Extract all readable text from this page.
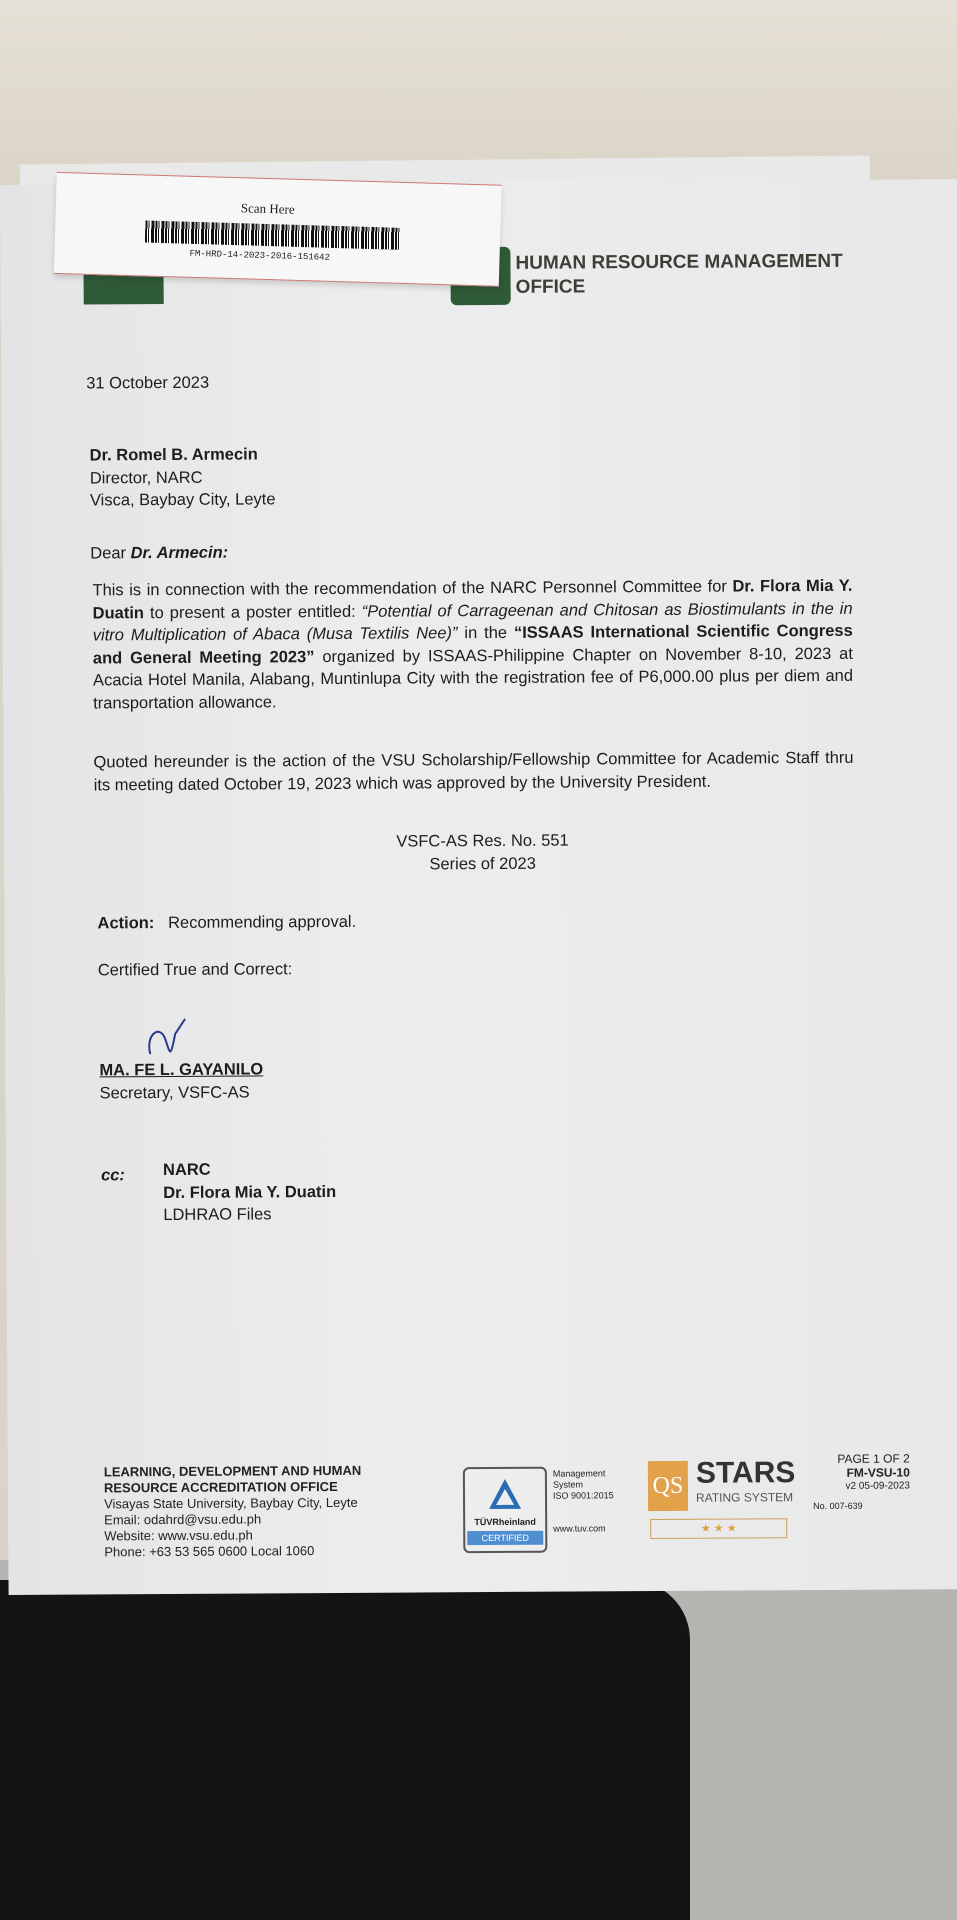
HUMAN RESOURCE MANAGEMENT
OFFICE
Scan Here
FM-HRD-14-2023-2016-151642
31 October 2023
Dr. Romel B. Armecin
Director, NARC
Visca, Baybay City, Leyte
Dear Dr. Armecin:
This is in connection with the recommendation of the NARC Personnel Committee for Dr. Flora Mia Y. Duatin to present a poster entitled: “Potential of Carrageenan and Chitosan as Biostimulants in the in vitro Multiplication of Abaca (Musa Textilis Nee)” in the “ISSAAS International Scientific Congress and General Meeting 2023” organized by ISSAAS-Philippine Chapter on November 8-10, 2023 at Acacia Hotel Manila, Alabang, Muntinlupa City with the registration fee of P6,000.00 plus per diem and transportation allowance.
Quoted hereunder is the action of the VSU Scholarship/Fellowship Committee for Academic Staff thru its meeting dated October 19, 2023 which was approved by the University President.
VSFC-AS Res. No. 551
Series of 2023
Action: Recommending approval.
Certified True and Correct:
MA. FE L. GAYANILO
Secretary, VSFC-AS
cc: NARC
Dr. Flora Mia Y. Duatin
LDHRAO Files
LEARNING, DEVELOPMENT AND HUMAN
RESOURCE ACCREDITATION OFFICE
Visayas State University, Baybay City, Leyte
Email: odahrd@vsu.edu.ph
Website: www.vsu.edu.ph
Phone: +63 53 565 0600 Local 1060
TÜVRheinland
CERTIFIED
Management
System
ISO 9001:2015
www.tuv.com
QS STARS
RATING SYSTEM
★ ★ ★
PAGE 1 OF 2
FM-VSU-10
v2 05-09-2023
No. 007-639
